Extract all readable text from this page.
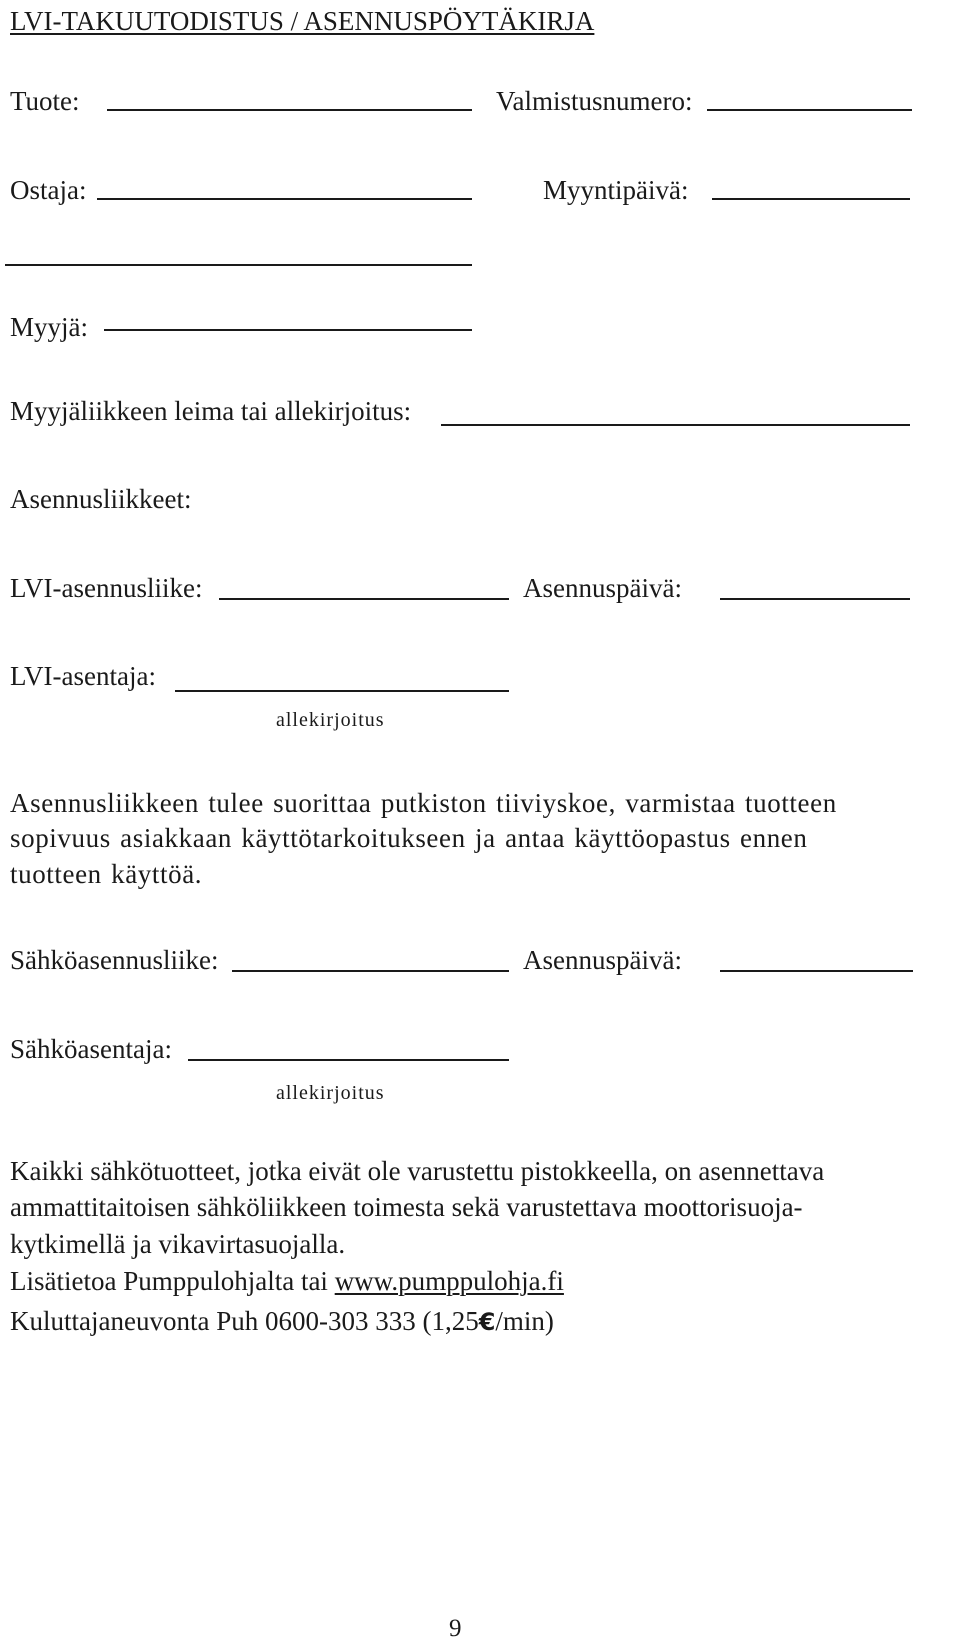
LVI-TAKUUTODISTUS / ASENNUSPÖYTÄKIRJA
Tuote:	Valmistusnumero:
Ostaja:	Myyntipäivä:
Myyjä:
Myyjäliikkeen leima tai allekirjoitus:
Asennusliikkeet:
LVI-asennusliike:	Asennuspäivä:
LVI-asentaja:
allekirjoitus
Asennusliikkeen tulee suorittaa putkiston tiiviyskoe, varmistaa tuotteen
sopivuus asiakkaan käyttötarkoitukseen ja antaa käyttöopastus ennen
tuotteen käyttöä.
Sähköasennusliike:	Asennuspäivä:
Sähköasentaja:
allekirjoitus
Kaikki sähkötuotteet, jotka eivät ole varustettu pistokkeella, on asennettava
ammattitaitoisen sähköliikkeen toimesta sekä varustettava moottorisuoja-
kytkimellä ja vikavirtasuojalla.
Lisätietoa Pumppulohjalta tai www.pumppulohja.fi
Kuluttajaneuvonta Puh 0600-303 333 (1,25€/min)
9
